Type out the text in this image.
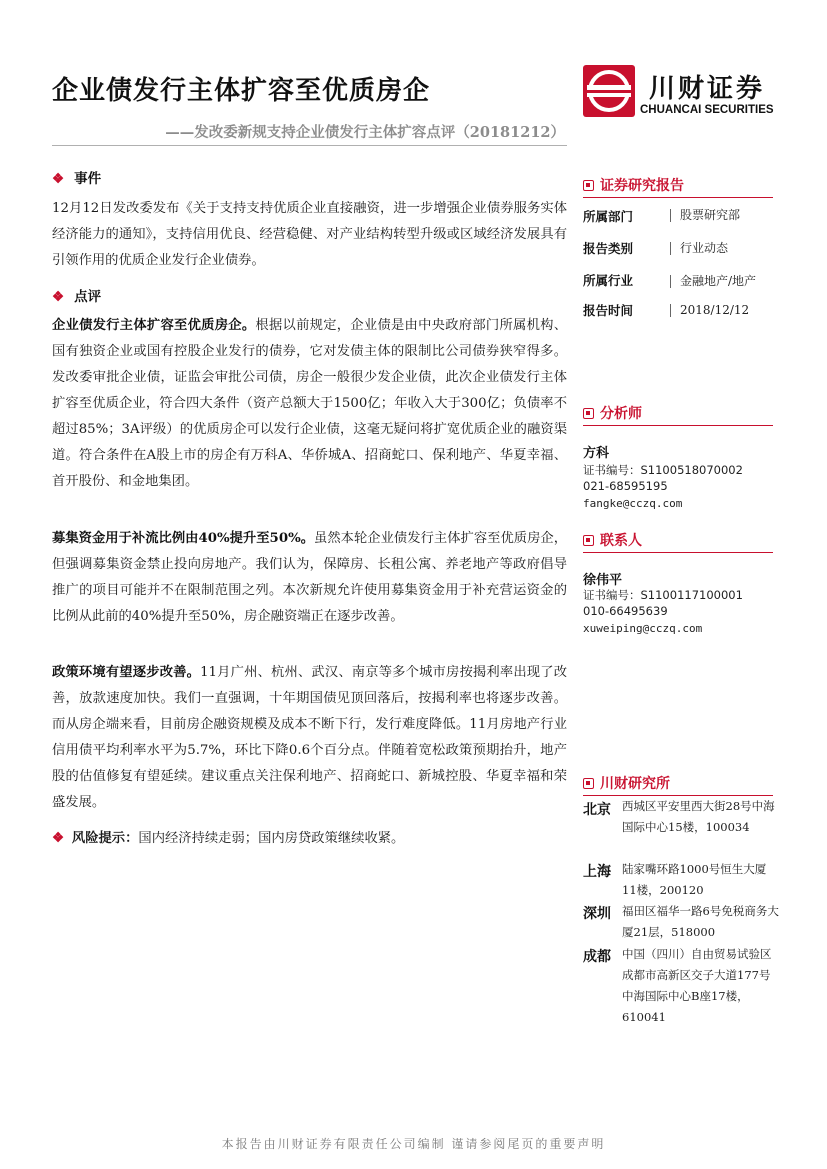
企业债发行主体扩容至优质房企
——发改委新规支持企业债发行主体扩容点评（20181212）
川财证券
CHUANCAI SECURITIES
❖ 事件
12月12日发改委发布《关于支持支持优质企业直接融资，进一步增强企业债券服务实体经济能力的通知》，支持信用优良、经营稳健、对产业结构转型升级或区域经济发展具有引领作用的优质企业发行企业债券。
❖ 点评
企业债发行主体扩容至优质房企。根据以前规定，企业债是由中央政府部门所属机构、国有独资企业或国有控股企业发行的债券，它对发债主体的限制比公司债券狭窄得多。发改委审批企业债，证监会审批公司债，房企一般很少发企业债，此次企业债发行主体扩容至优质企业，符合四大条件（资产总额大于1500亿；年收入大于300亿；负债率不超过85%；3A评级）的优质房企可以发行企业债，这毫无疑问将扩宽优质企业的融资渠道。符合条件在A股上市的房企有万科A、华侨城A、招商蛇口、保利地产、华夏幸福、首开股份、和金地集团。
募集资金用于补流比例由40%提升至50%。虽然本轮企业债发行主体扩容至优质房企，但强调募集资金禁止投向房地产。我们认为，保障房、长租公寓、养老地产等政府倡导推广的项目可能并不在限制范围之列。本次新规允许使用募集资金用于补充营运资金的比例从此前的40%提升至50%，房企融资端正在逐步改善。
政策环境有望逐步改善。11月广州、杭州、武汉、南京等多个城市房按揭利率出现了改善，放款速度加快。我们一直强调，十年期国债见顶回落后，按揭利率也将逐步改善。而从房企端来看，目前房企融资规模及成本不断下行，发行难度降低。11月房地产行业信用债平均利率水平为5.7%，环比下降0.6个百分点。伴随着宽松政策预期抬升，地产股的估值修复有望延续。建议重点关注保利地产、招商蛇口、新城控股、华夏幸福和荣盛发展。
❖ 风险提示：国内经济持续走弱；国内房贷政策继续收紧。
证券研究报告
所属部门	股票研究部
报告类别	行业动态
所属行业	金融地产/地产
报告时间	2018/12/12
分析师
方科
证书编号：S1100518070002
021-68595195
fangke@cczq.com
联系人
徐伟平
证书编号：S1100117100001
010-66495639
xuweiping@cczq.com
川财研究所
北京 西城区平安里西大街28号中海国际中心15楼，100034
上海 陆家嘴环路1000号恒生大厦11楼，200120
深圳 福田区福华一路6号免税商务大厦21层，518000
成都 中国（四川）自由贸易试验区成都市高新区交子大道177号中海国际中心B座17楼，610041
本报告由川财证券有限责任公司编制 谨请参阅尾页的重要声明
